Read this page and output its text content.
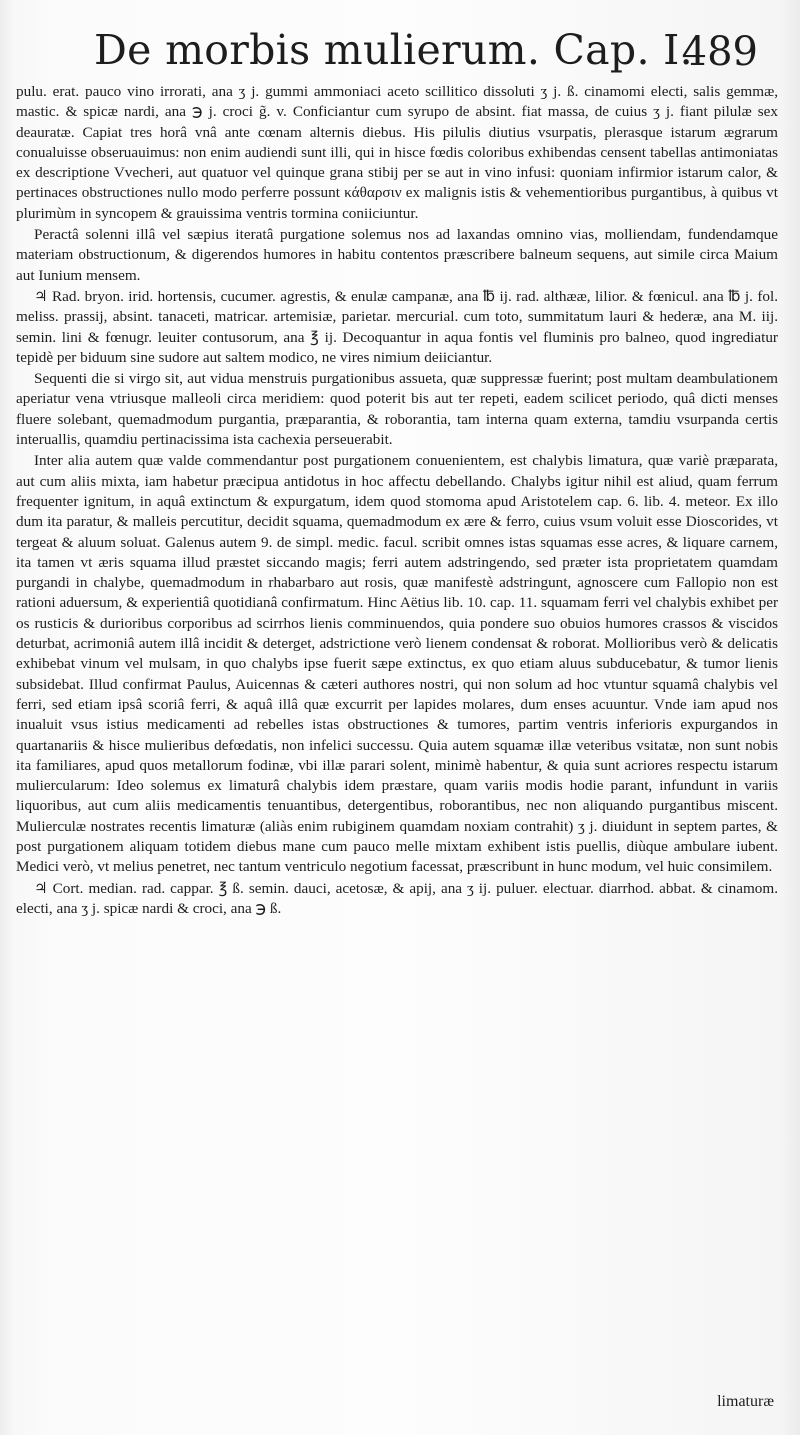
De morbis mulierum. Cap. I.
489

pulu. erat. pauco vino irrorati, ana ʒ j. gummi ammoniaci aceto scillitico dissoluti ʒ j. ß. cinamomi electi, salis gemmæ, mastic. & spicæ nardi, ana ℈ j. croci g̃. v. Conficiantur cum syrupo de absint. fiat massa, de cuius ʒ j. fiant pilulæ sex deauratæ. Capiat tres horâ vnâ ante cœnam alternis diebus. His pilulis diutius vsurpatis, plerasque istarum ægrarum conualuisse obseruauimus: non enim audiendi sunt illi, qui in hisce fœdis coloribus exhibendas censent tabellas antimoniatas ex descriptione Vvecheri, aut quatuor vel quinque grana stibij per se aut in vino infusi: quoniam infirmior istarum calor, & pertinaces obstructiones nullo modo perferre possunt κάθαρσιν ex malignis istis & vehementioribus purgantibus, à quibus vt plurimùm in syncopem & grauissima ventris tormina coniiciuntur.

Peractâ solenni illâ vel sæpius iteratâ purgatione solemus nos ad laxandas omnino vias, molliendam, fundendamque materiam obstructionum, & digerendos humores in habitu contentos præscribere balneum sequens, aut simile circa Maium aut Iunium mensem.

♃ Rad. bryon. irid. hortensis, cucumer. agrestis, & enulæ campanæ, ana ℔ ij. rad. althææ, lilior. & fœnicul. ana ℔ j. fol. meliss. prassij, absint. tanaceti, matricar. artemisiæ, parietar. mercurial. cum toto, summitatum lauri & hederæ, ana M. iij. semin. lini & fœnugr. leuiter contusorum, ana ℥ ij. Decoquantur in aqua fontis vel fluminis pro balneo, quod ingrediatur tepidè per biduum sine sudore aut saltem modico, ne vires nimium deiiciantur.

Sequenti die si virgo sit, aut vidua menstruis purgationibus assueta, quæ suppressæ fuerint; post multam deambulationem aperiatur vena vtriusque malleoli circa meridiem: quod poterit bis aut ter repeti, eadem scilicet periodo, quâ dicti menses fluere solebant, quemadmodum purgantia, præparantia, & roborantia, tam interna quam externa, tamdiu vsurpanda certis interuallis, quamdiu pertinacissima ista cachexia perseuerabit.

Inter alia autem quæ valde commendantur post purgationem conuenientem, est chalybis limatura, quæ variè præparata, aut cum aliis mixta, iam habetur præcipua antidotus in hoc affectu debellando. Chalybs igitur nihil est aliud, quam ferrum frequenter ignitum, in aquâ extinctum & expurgatum, idem quod stomoma apud Aristotelem cap. 6. lib. 4. meteor. Ex illo dum ita paratur, & malleis percutitur, decidit squama, quemadmodum ex ære & ferro, cuius vsum voluit esse Dioscorides, vt tergeat & aluum soluat. Galenus autem 9. de simpl. medic. facul. scribit omnes istas squamas esse acres, & liquare carnem, ita tamen vt æris squama illud præstet siccando magis; ferri autem adstringendo, sed præter ista proprietatem quamdam purgandi in chalybe, quemadmodum in rhabarbaro aut rosis, quæ manifestè adstringunt, agnoscere cum Fallopio non est rationi aduersum, & experientiâ quotidianâ confirmatum. Hinc Aëtius lib. 10. cap. 11. squamam ferri vel chalybis exhibet per os rusticis & durioribus corporibus ad scirrhos lienis comminuendos, quia pondere suo obuios humores crassos & viscidos deturbat, acrimoniâ autem illâ incidit & deterget, adstrictione verò lienem condensat & roborat. Mollioribus verò & delicatis exhibebat vinum vel mulsam, in quo chalybs ipse fuerit sæpe extinctus, ex quo etiam aluus subducebatur, & tumor lienis subsidebat. Illud confirmat Paulus, Auicennas & cæteri authores nostri, qui non solum ad hoc vtuntur squamâ chalybis vel ferri, sed etiam ipsâ scoriâ ferri, & aquâ illâ quæ excurrit per lapides molares, dum enses acuuntur. Vnde iam apud nos inualuit vsus istius medicamenti ad rebelles istas obstructiones & tumores, partim ventris inferioris expurgandos in quartanariis & hisce mulieribus defœdatis, non infelici successu. Quia autem squamæ illæ veteribus vsitatæ, non sunt nobis ita familiares, apud quos metallorum fodinæ, vbi illæ parari solent, minimè habentur, & quia sunt acriores respectu istarum muliercularum: Ideo solemus ex limaturâ chalybis idem præstare, quam variis modis hodie parant, infundunt in variis liquoribus, aut cum aliis medicamentis tenuantibus, detergentibus, roborantibus, nec non aliquando purgantibus miscent. Mulierculæ nostrates recentis limaturæ (aliàs enim rubiginem quamdam noxiam contrahit) ʒ j. diuidunt in septem partes, & post purgationem aliquam totidem diebus mane cum pauco melle mixtam exhibent istis puellis, diùque ambulare iubent. Medici verò, vt melius penetret, nec tantum ventriculo negotium facessat, præscribunt in hunc modum, vel huic consimilem.

♃ Cort. median. rad. cappar. ℥ ß. semin. dauci, acetosæ, & apij, ana ʒ ij. puluer. electuar. diarrhod. abbat. & cinamom. electi, ana ʒ j. spicæ nardi & croci, ana ℈ ß.

limaturæ
